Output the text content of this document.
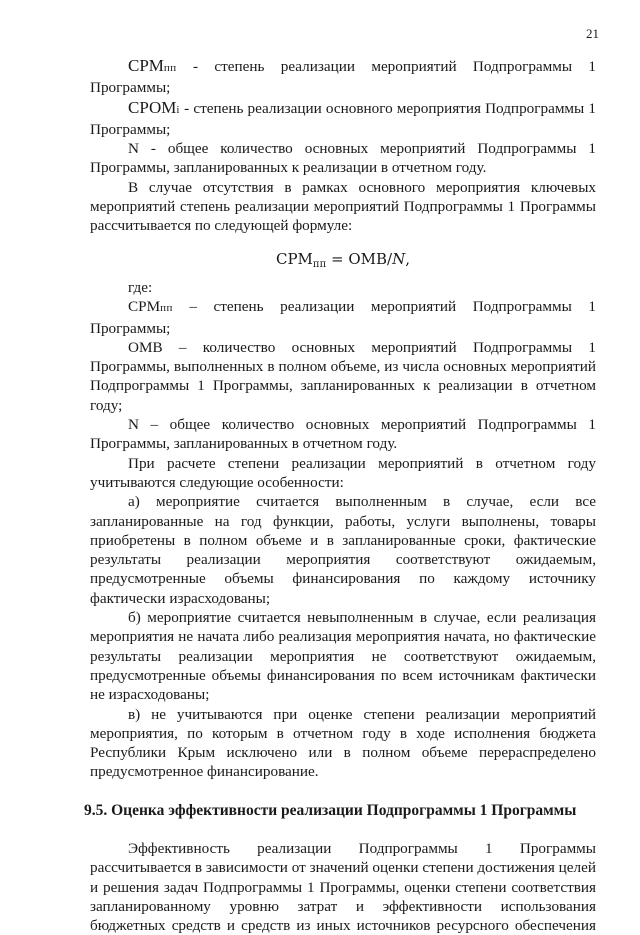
21

СРМпп - степень реализации мероприятий Подпрограммы 1 Программы;

СРОМi - степень реализации основного мероприятия Подпрограммы 1 Программы;

N - общее количество основных мероприятий Подпрограммы 1 Программы, запланированных к реализации в отчетном году.

В случае отсутствия в рамках основного мероприятия ключевых мероприятий степень реализации мероприятий Подпрограммы 1 Программы рассчитывается по следующей формуле:

$СРМ_{пп} = ОМВ/N$,

где:

СРМпп – степень реализации мероприятий Подпрограммы 1 Программы;

ОМВ – количество основных мероприятий Подпрограммы 1 Программы, выполненных в полном объеме, из числа основных мероприятий Подпрограммы 1 Программы, запланированных к реализации в отчетном году;

N – общее количество основных мероприятий Подпрограммы 1 Программы, запланированных в отчетном году.

При расчете степени реализации мероприятий в отчетном году учитываются следующие особенности:

а) мероприятие считается выполненным в случае, если все запланированные на год функции, работы, услуги выполнены, товары приобретены в полном объеме и в запланированные сроки, фактические результаты реализации мероприятия соответствуют ожидаемым, предусмотренные объемы финансирования по каждому источнику фактически израсходованы;

б) мероприятие считается невыполненным в случае, если реализация мероприятия не начата либо реализация мероприятия начата, но фактические результаты реализации мероприятия не соответствуют ожидаемым, предусмотренные объемы финансирования по всем источникам фактически не израсходованы;

в) не учитываются при оценке степени реализации мероприятий мероприятия, по которым в отчетном году в ходе исполнения бюджета Республики Крым исключено или в полном объеме перераспределено предусмотренное финансирование.

9.5. Оценка эффективности реализации Подпрограммы 1 Программы

Эффективность реализации Подпрограммы 1 Программы рассчитывается в зависимости от значений оценки степени достижения целей и решения задач Подпрограммы 1 Программы, оценки степени соответствия запланированному уровню затрат и эффективности использования бюджетных средств и средств из иных источников ресурсного обеспечения
